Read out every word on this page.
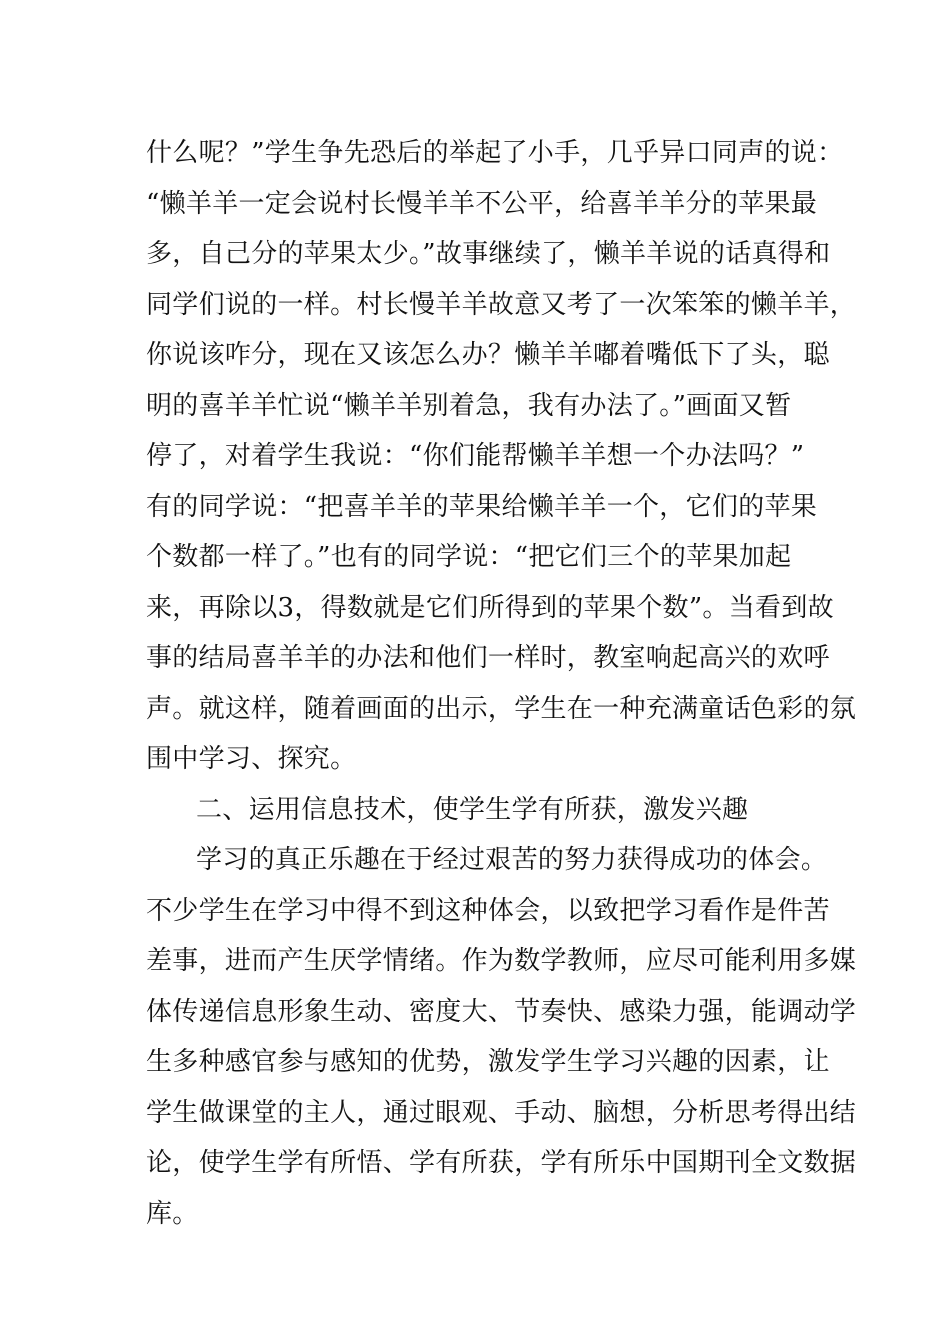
什么呢？”学生争先恐后的举起了小手，几乎异口同声的说：
“懒羊羊一定会说村长慢羊羊不公平，给喜羊羊分的苹果最
多，自己分的苹果太少。”故事继续了，懒羊羊说的话真得和
同学们说的一样。村长慢羊羊故意又考了一次笨笨的懒羊羊，
你说该咋分，现在又该怎么办？懒羊羊嘟着嘴低下了头，聪
明的喜羊羊忙说“懒羊羊别着急，我有办法了。”画面又暂
停了，对着学生我说：“你们能帮懒羊羊想一个办法吗？”
有的同学说：“把喜羊羊的苹果给懒羊羊一个，它们的苹果
个数都一样了。”也有的同学说：“把它们三个的苹果加起
来，再除以3，得数就是它们所得到的苹果个数”。当看到故
事的结局喜羊羊的办法和他们一样时，教室响起高兴的欢呼
声。就这样，随着画面的出示，学生在一种充满童话色彩的氛
围中学习、探究。
二、运用信息技术，使学生学有所获，激发兴趣
学习的真正乐趣在于经过艰苦的努力获得成功的体会。
不少学生在学习中得不到这种体会，以致把学习看作是件苦
差事，进而产生厌学情绪。作为数学教师，应尽可能利用多媒
体传递信息形象生动、密度大、节奏快、感染力强，能调动学
生多种感官参与感知的优势，激发学生学习兴趣的因素，让
学生做课堂的主人，通过眼观、手动、脑想，分析思考得出结
论，使学生学有所悟、学有所获，学有所乐中国期刊全文数据
库。
